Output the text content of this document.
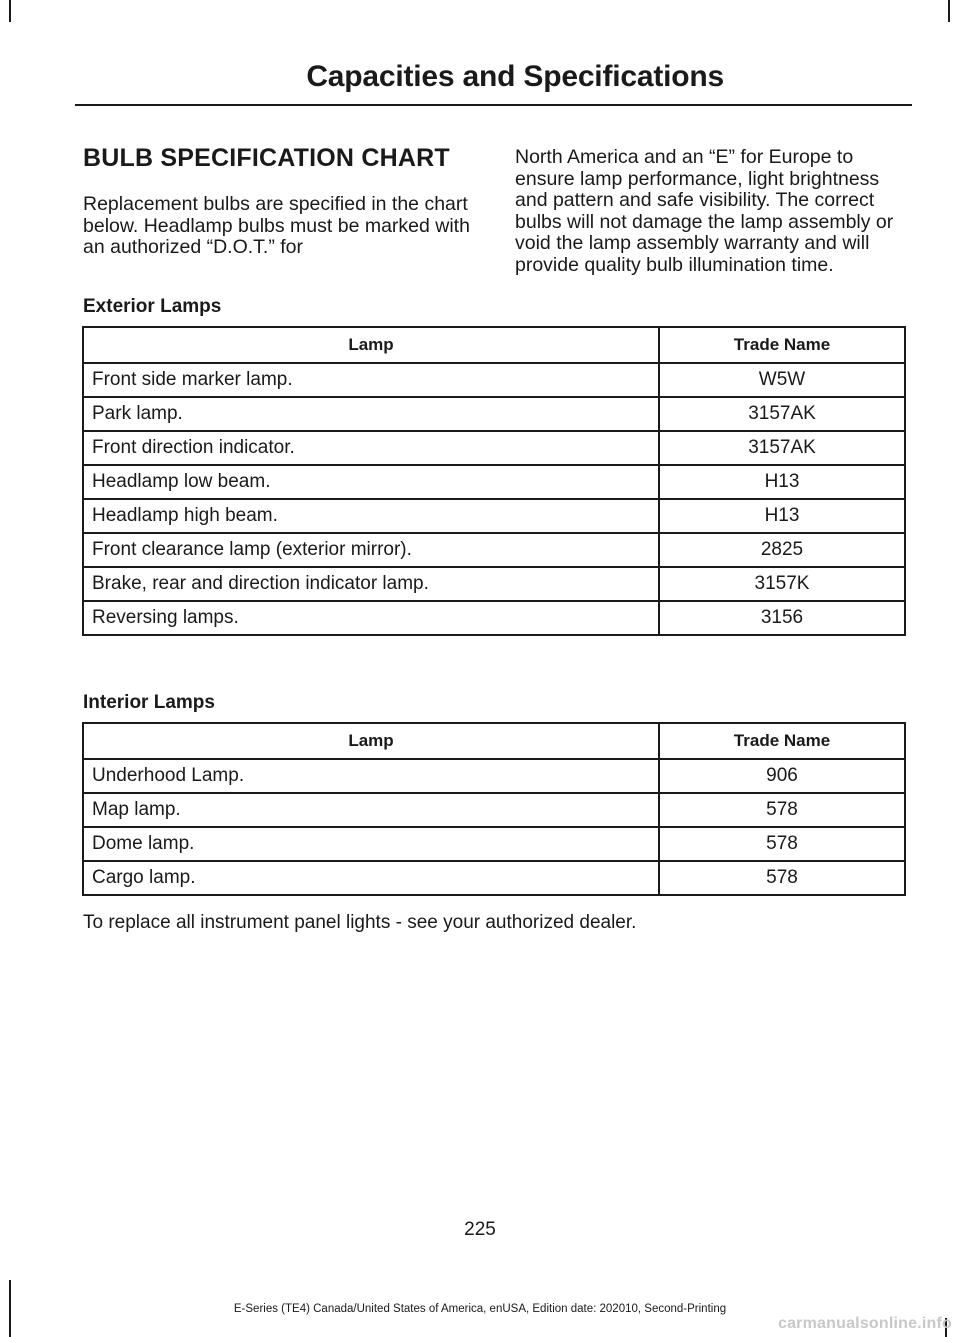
Capacities and Specifications
BULB SPECIFICATION CHART

Replacement bulbs are specified in the chart below. Headlamp bulbs must be marked with an authorized “D.O.T.” for

North America and an “E” for Europe to ensure lamp performance, light brightness and pattern and safe visibility. The correct bulbs will not damage the lamp assembly or void the lamp assembly warranty and will provide quality bulb illumination time.

Exterior Lamps
Lamp	Trade Name
Front side marker lamp.	W5W
Park lamp.	3157AK
Front direction indicator.	3157AK
Headlamp low beam.	H13
Headlamp high beam.	H13
Front clearance lamp (exterior mirror).	2825
Brake, rear and direction indicator lamp.	3157K
Reversing lamps.	3156
Interior Lamps
Lamp	Trade Name
Underhood Lamp.	906
Map lamp.	578
Dome lamp.	578
Cargo lamp.	578
To replace all instrument panel lights - see your authorized dealer.
225
E-Series (TE4) Canada/United States of America, enUSA, Edition date: 202010, Second-Printing
carmanualsonline.info
